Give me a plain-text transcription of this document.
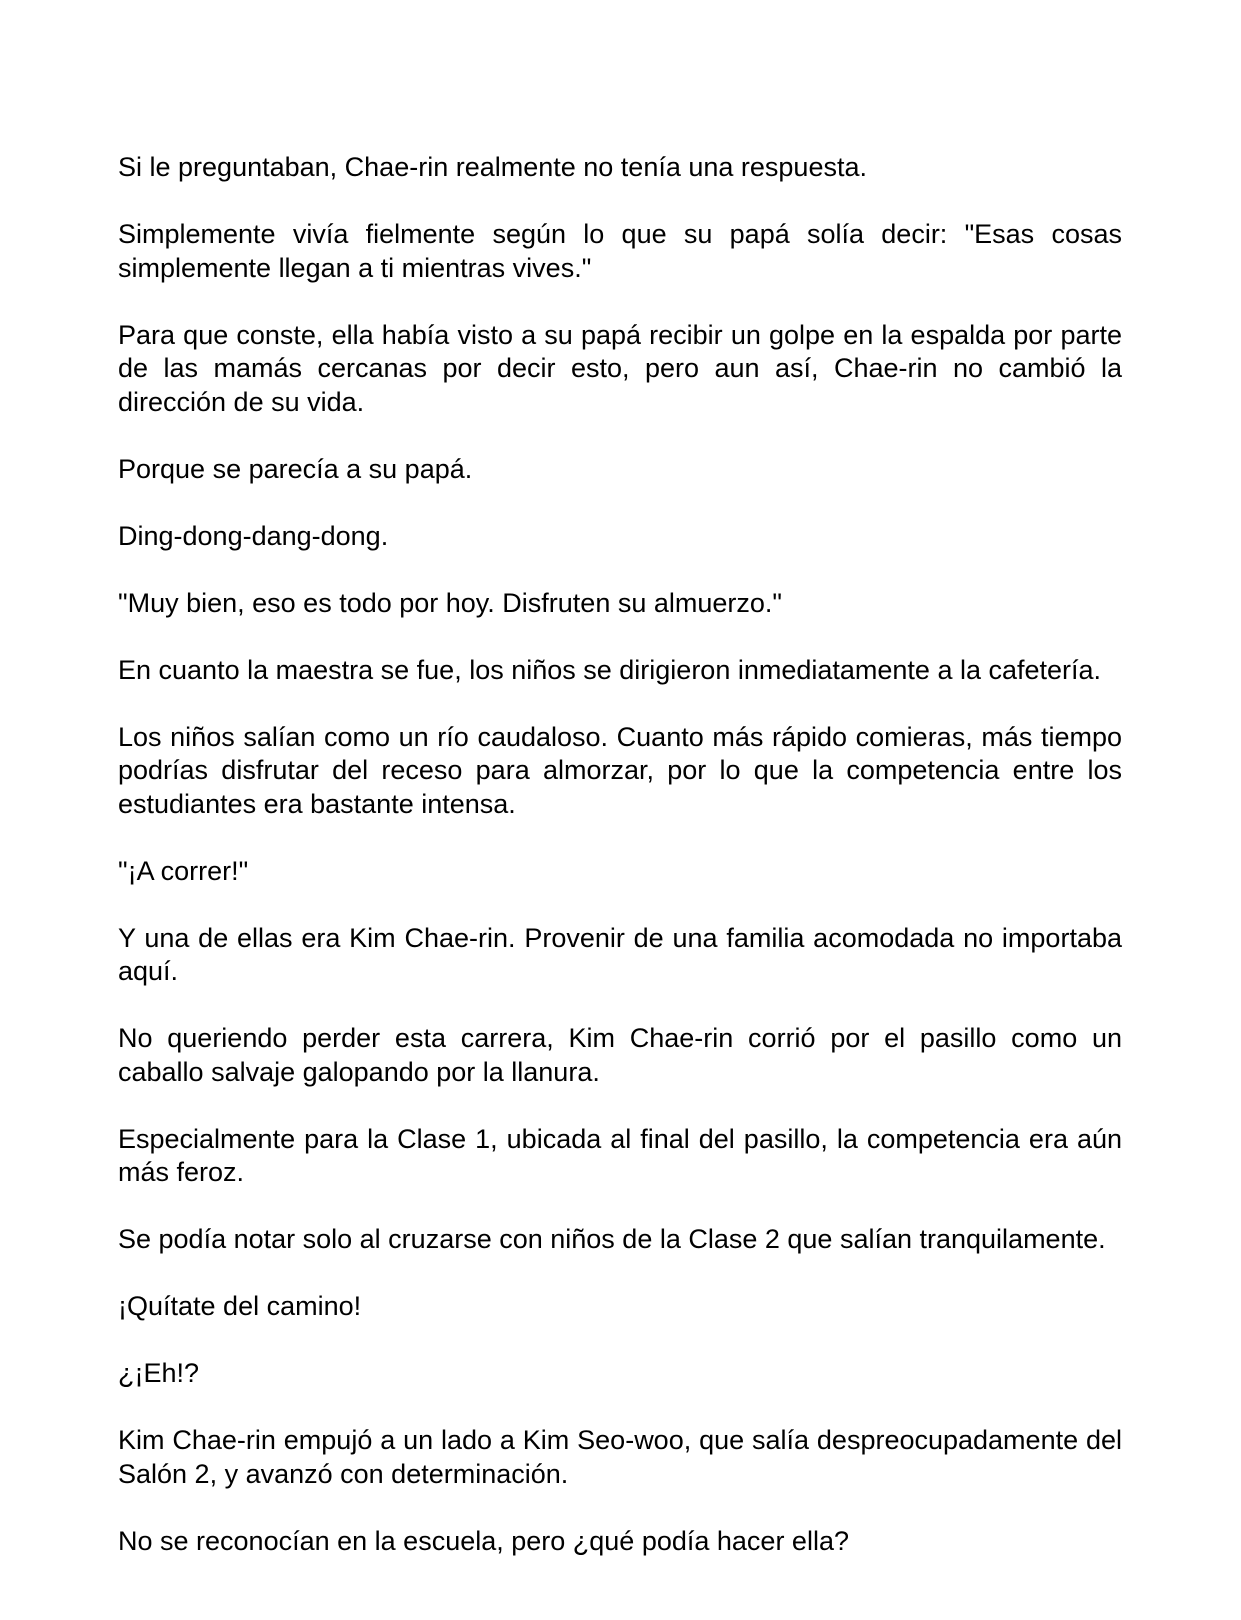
Si le preguntaban, Chae-rin realmente no tenía una respuesta.

Simplemente vivía fielmente según lo que su papá solía decir: "Esas cosas simplemente llegan a ti mientras vives."

Para que conste, ella había visto a su papá recibir un golpe en la espalda por parte de las mamás cercanas por decir esto, pero aun así, Chae-rin no cambió la dirección de su vida.

Porque se parecía a su papá.

Ding-dong-dang-dong.

"Muy bien, eso es todo por hoy. Disfruten su almuerzo."

En cuanto la maestra se fue, los niños se dirigieron inmediatamente a la cafetería.

Los niños salían como un río caudaloso. Cuanto más rápido comieras, más tiempo podrías disfrutar del receso para almorzar, por lo que la competencia entre los estudiantes era bastante intensa.

"¡A correr!"

Y una de ellas era Kim Chae-rin. Provenir de una familia acomodada no importaba aquí.

No queriendo perder esta carrera, Kim Chae-rin corrió por el pasillo como un caballo salvaje galopando por la llanura.

Especialmente para la Clase 1, ubicada al final del pasillo, la competencia era aún más feroz.

Se podía notar solo al cruzarse con niños de la Clase 2 que salían tranquilamente.

¡Quítate del camino!

¿¡Eh!?

Kim Chae-rin empujó a un lado a Kim Seo-woo, que salía despreocupadamente del Salón 2, y avanzó con determinación.

No se reconocían en la escuela, pero ¿qué podía hacer ella?
